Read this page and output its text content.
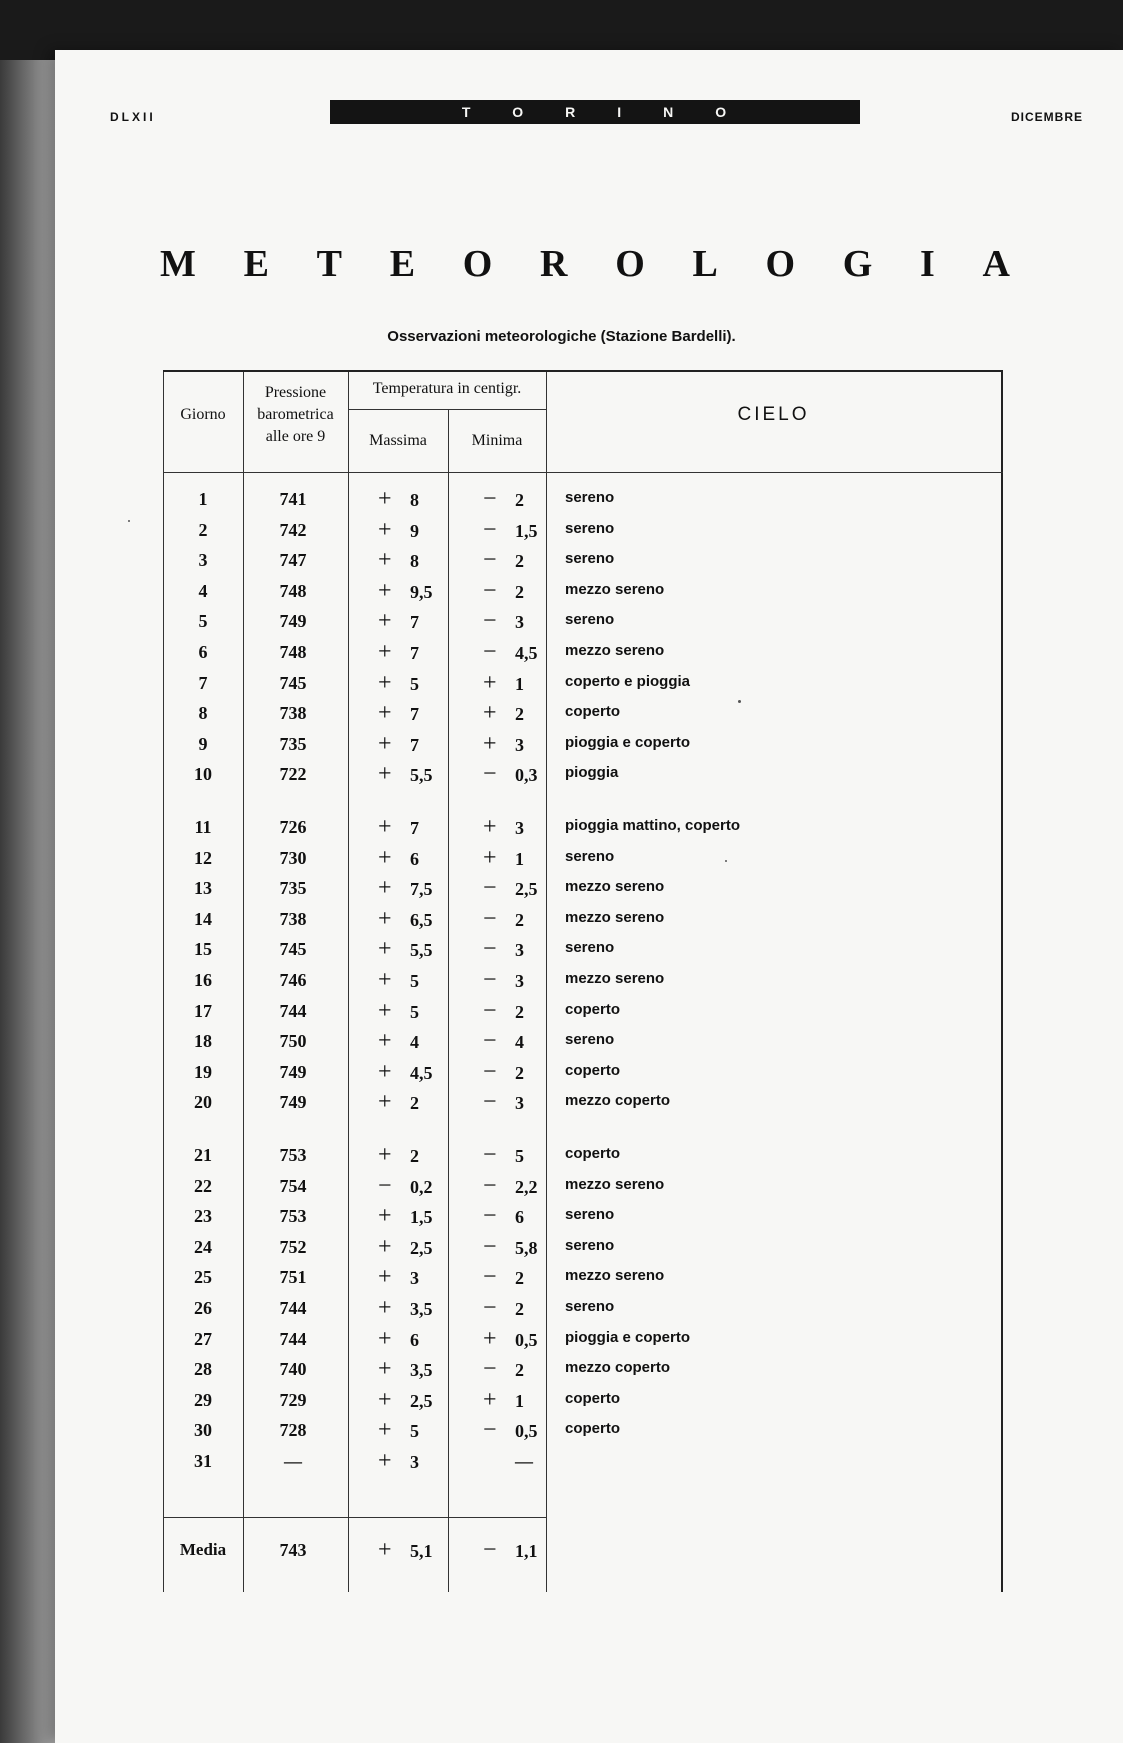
DLXII	TORINO	DICEMBRE
M E T E O R O L O G I A
Osservazioni meteorologiche (Stazione Bardelli).
Giorno
Pressione
barometrica
alle ore 9
Temperatura in centigr.
Massima	Minima
CIELO
1	741	+ 8	− 2	sereno
2	742	+ 9	− 1,5	sereno
3	747	+ 8	− 2	sereno
4	748	+ 9,5	− 2	mezzo sereno
5	749	+ 7	− 3	sereno
6	748	+ 7	− 4,5	mezzo sereno
7	745	+ 5	+ 1	coperto e pioggia
8	738	+ 7	+ 2	coperto
9	735	+ 7	+ 3	pioggia e coperto
10	722	+ 5,5	− 0,3	pioggia
11	726	+ 7	+ 3	pioggia mattino, coperto
12	730	+ 6	+ 1	sereno
13	735	+ 7,5	− 2,5	mezzo sereno
14	738	+ 6,5	− 2	mezzo sereno
15	745	+ 5,5	− 3	sereno
16	746	+ 5	− 3	mezzo sereno
17	744	+ 5	− 2	coperto
18	750	+ 4	− 4	sereno
19	749	+ 4,5	− 2	coperto
20	749	+ 2	− 3	mezzo coperto
21	753	+ 2	− 5	coperto
22	754	− 0,2	− 2,2	mezzo sereno
23	753	+ 1,5	− 6	sereno
24	752	+ 2,5	− 5,8	sereno
25	751	+ 3	− 2	mezzo sereno
26	744	+ 3,5	− 2	sereno
27	744	+ 6	+ 0,5	pioggia e coperto
28	740	+ 3,5	− 2	mezzo coperto
29	729	+ 2,5	+ 1	coperto
30	728	+ 5	− 0,5	coperto
31	—	+ 3	—
Media	743	+ 5,1	− 1,1
